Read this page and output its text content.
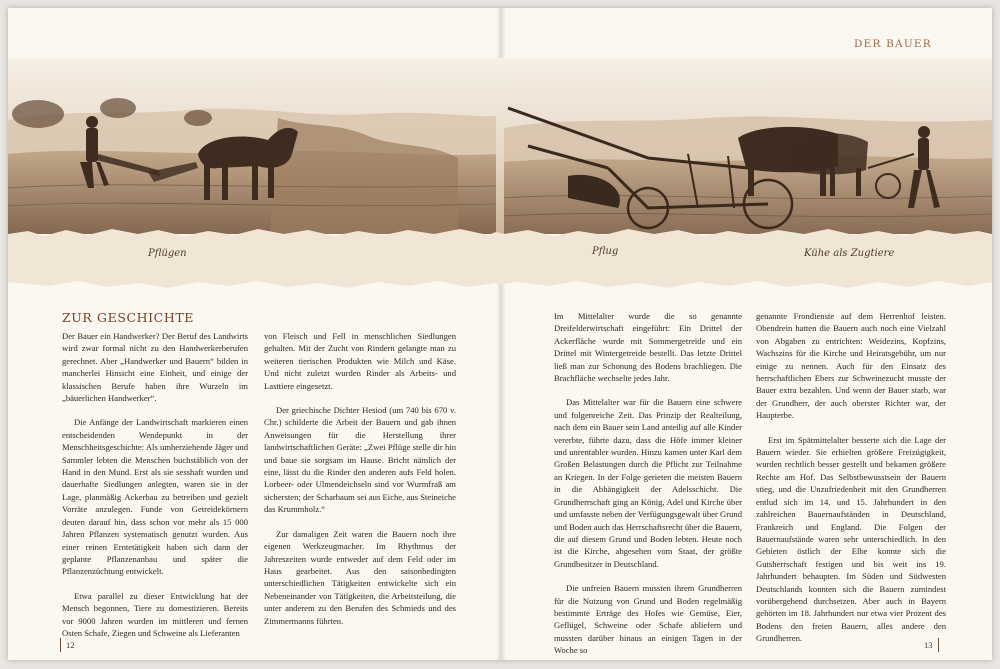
DER BAUER
Pflügen	Pflug	Kühe als Zugtiere
ZUR GESCHICHTE

Der Bauer ein Handwerker? Der Beruf des Landwirts wird zwar formal nicht zu den Handwerkerberufen gerechnet. Aber „Handwerker und Bauern“ bilden in mancherlei Hinsicht eine Einheit, und einige der klassischen Berufe haben ihre Wurzeln im „bäuerlichen Handwerker“.

Die Anfänge der Landwirtschaft markieren einen entscheidenden Wendepunkt in der Menschheitsgeschichte: Als umherziehende Jäger und Sammler lebten die Menschen buchstäblich von der Hand in den Mund. Erst als sie sesshaft wurden und dauerhafte Siedlungen anlegten, waren sie in der Lage, planmäßig Ackerbau zu betreiben und gezielt Vorräte anzulegen. Funde von Getreidekörnern deuten darauf hin, dass schon vor mehr als 15 000 Jahren Pflanzen systematisch genutzt wurden. Aus einer reinen Erntetätigkeit haben sich dann der geplante Pflanzenanbau und später die Pflanzenzüchtung entwickelt.

Etwa parallel zu dieser Entwicklung hat der Mensch begonnen, Tiere zu domestizieren. Bereits vor 9000 Jahren wurden im mittleren und fernen Osten Schafe, Ziegen und Schweine als Lieferanten

von Fleisch und Fell in menschlichen Siedlungen gehalten. Mit der Zucht von Rindern gelangte man zu weiteren tierischen Produkten wie Milch und Käse. Und nicht zuletzt wurden Rinder als Arbeits- und Lasttiere eingesetzt.

Der griechische Dichter Hesiod (um 740 bis 670 v. Chr.) schilderte die Arbeit der Bauern und gab ihnen Anweisungen für die Herstellung ihrer landwirtschaftlichen Geräte: „Zwei Pflüge stelle dir hin und baue sie sorgsam im Hause. Bricht nämlich der eine, lässt du die Rinder den anderen aufs Feld holen. Lorbeer- oder Ulmendeichseln sind vor Wurmfraß am sichersten; der Scharbaum sei aus Eiche, aus Steineiche das Krummholz.“

Zur damaligen Zeit waren die Bauern noch ihre eigenen Werkzeugmacher. Im Rhythmus der Jahreszeiten wurde entweder auf dem Feld oder im Haus gearbeitet. Aus den saisonbedingten unterschiedlichen Tätigkeiten entwickelte sich ein Nebeneinander von Tätigkeiten, die Arbeitsteilung, die unter anderem zu den Berufen des Schmieds und des Zimmermanns führten.

Im Mittelalter wurde die so genannte Dreifelderwirtschaft eingeführt: Ein Drittel der Ackerfläche wurde mit Sommergetreide und ein Drittel mit Wintergetreide bestellt. Das letzte Drittel ließ man zur Schonung des Bodens brachliegen. Die Brachfläche wechselte jedes Jahr.

Das Mittelalter war für die Bauern eine schwere und folgenreiche Zeit. Das Prinzip der Realteilung, nach dem ein Bauer sein Land anteilig auf alle Kinder vererbte, führte dazu, dass die Höfe immer kleiner und unrentabler wurden. Hinzu kamen unter Karl dem Großen Belastungen durch die Pflicht zur Teilnahme an Kriegen. In der Folge gerieten die meisten Bauern in die Abhängigkeit der Adelsschicht. Die Grundherrschaft ging an König, Adel und Kirche über und umfasste neben der Verfügungsgewalt über Grund und Boden auch das Herrschaftsrecht über die Bauern, die auf diesem Grund und Boden lebten. Heute noch ist die Kirche, abgesehen vom Staat, der größte Grundbesitzer in Deutschland.

Die unfreien Bauern mussten ihrem Grundherren für die Nutzung von Grund und Boden regelmäßig bestimmte Erträge des Hofes wie Gemüse, Eier, Geflügel, Schweine oder Schafe abliefern und mussten darüber hinaus an einigen Tagen in der Woche so

genannte Frondienste auf dem Herrenhof leisten. Obendrein hatten die Bauern auch noch eine Vielzahl von Abgaben zu entrichten: Weidezins, Kopfzins, Wachszins für die Kirche und Heiratsgebühr, um nur einige zu nennen. Auch für den Einsatz des herrschaftlichen Ebers zur Schweinezucht musste der Bauer extra bezahlen. Und wenn der Bauer starb, war der Grundherr, der auch oberster Richter war, der Haupterbe.

Erst im Spätmittelalter besserte sich die Lage der Bauern wieder. Sie erhielten größere Freizügigkeit, wurden rechtlich besser gestellt und bekamen größere Rechte am Hof. Das Selbstbewusstsein der Bauern stieg, und die Unzufriedenheit mit den Grundherren entlud sich im 14. und 15. Jahrhundert in den zahlreichen Bauernaufständen in Deutschland, Frankreich und England. Die Folgen der Bauernaufstände waren sehr unterschiedlich. In den Gebieten östlich der Elbe konnte sich die Gutsherrschaft festigen und bis weit ins 19. Jahrhundert behaupten. Im Süden und Südwesten Deutschlands konnten sich die Bauern zumindest vorübergehend durchsetzen. Aber auch in Bayern gehörten im 18. Jahrhundert nur etwa vier Prozent des Bodens den freien Bauern, alles andere den Grundherren.

12	13
